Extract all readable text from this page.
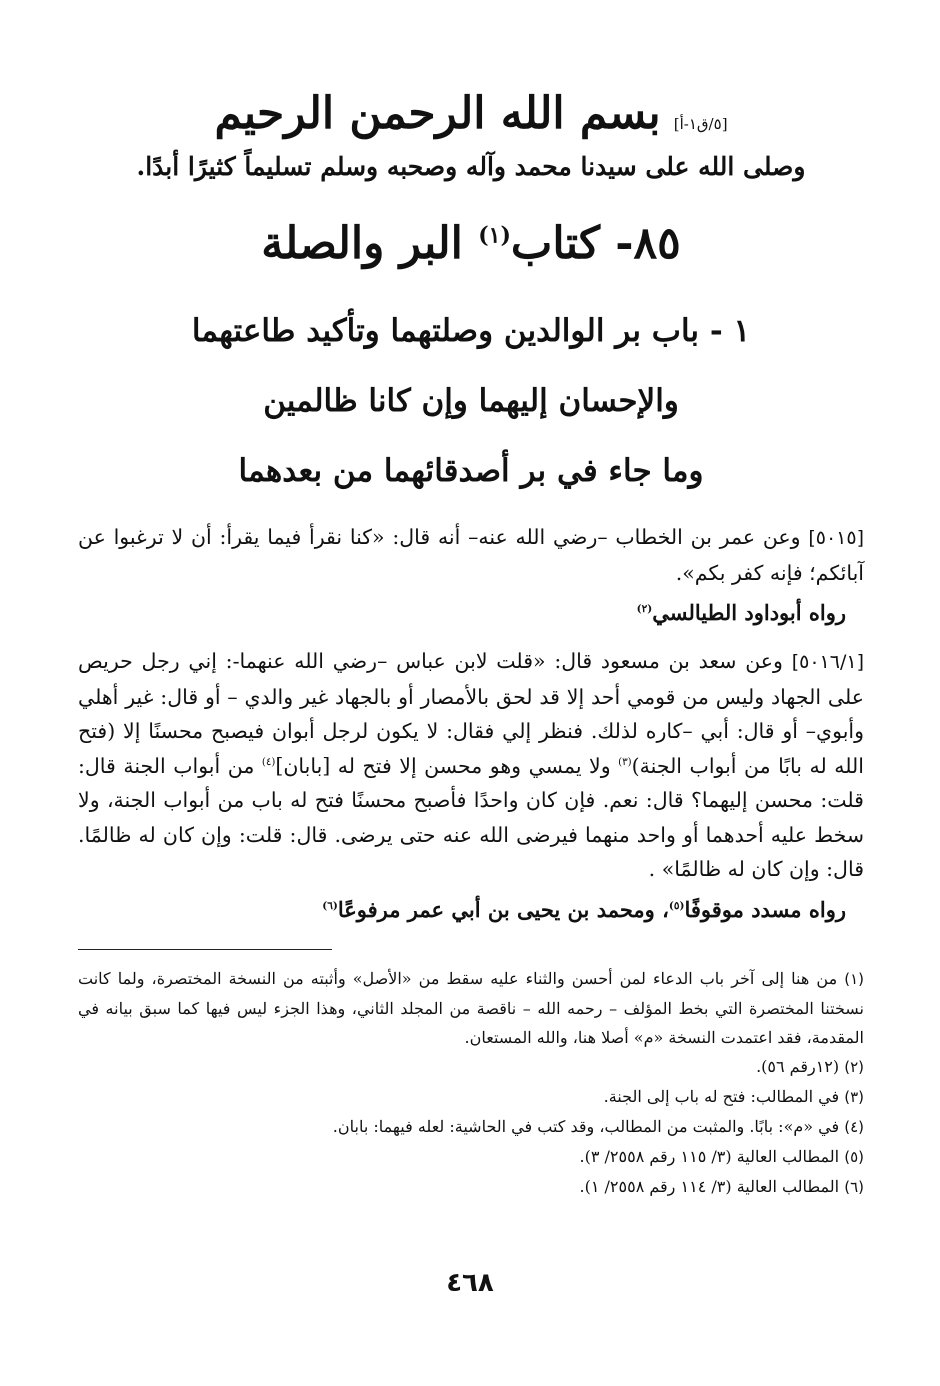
[٥/ق١-أ] بسم الله الرحمن الرحيم
وصلى الله على سيدنا محمد وآله وصحبه وسلم تسليماً كثيرًا أبدًا.
٨٥- كتاب$^{(١)}$ البر والصلة
١ - باب بر الوالدين وصلتهما وتأكيد طاعتهما
والإحسان إليهما وإن كانا ظالمين
وما جاء في بر أصدقائهما من بعدهما
[٥٠١٥] وعن عمر بن الخطاب –رضي الله عنه– أنه قال: «كنا نقرأ فيما يقرأ: أن لا ترغبوا عن آبائكم؛ فإنه كفر بكم».
رواه أبوداود الطيالسي$^{(٢)}$
[٥٠١٦/١] وعن سعد بن مسعود قال: «قلت لابن عباس –رضي الله عنهما-: إني رجل حريص على الجهاد وليس من قومي أحد إلا قد لحق بالأمصار أو بالجهاد غير والدي – أو قال: غير أهلي وأبوي– أو قال: أبي –كاره لذلك. فنظر إلي فقال: لا يكون لرجل أبوان فيصبح محسنًا إلا (فتح الله له بابًا من أبواب الجنة)$^{(٣)}$ ولا يمسي وهو محسن إلا فتح له [بابان]$^{(٤)}$ من أبواب الجنة قال: قلت: محسن إليهما؟ قال: نعم. فإن كان واحدًا فأصبح محسنًا فتح له باب من أبواب الجنة، ولا سخط عليه أحدهما أو واحد منهما فيرضى الله عنه حتى يرضى. قال: قلت: وإن كان له ظالمًا. قال: وإن كان له ظالمًا» .
رواه مسدد موقوفًا$^{(٥)}$، ومحمد بن يحيى بن أبي عمر مرفوعًا$^{(٦)}$
(١) من هنا إلى آخر باب الدعاء لمن أحسن والثناء عليه سقط من «الأصل» وأثبته من النسخة المختصرة، ولما كانت نسختنا المختصرة التي بخط المؤلف – رحمه الله – ناقصة من المجلد الثاني، وهذا الجزء ليس فيها كما سبق بيانه في المقدمة، فقد اعتمدت النسخة «م» أصلا هنا، والله المستعان.
(٢) (١٢رقم ٥٦).
(٣) في المطالب: فتح له باب إلى الجنة.
(٤) في «م»: بابًا. والمثبت من المطالب، وقد كتب في الحاشية: لعله فيهما: بابان.
(٥) المطالب العالية (٣/ ١١٥ رقم ٢٥٥٨/ ٣).
(٦) المطالب العالية (٣/ ١١٤ رقم ٢٥٥٨/ ١).
٤٦٨
